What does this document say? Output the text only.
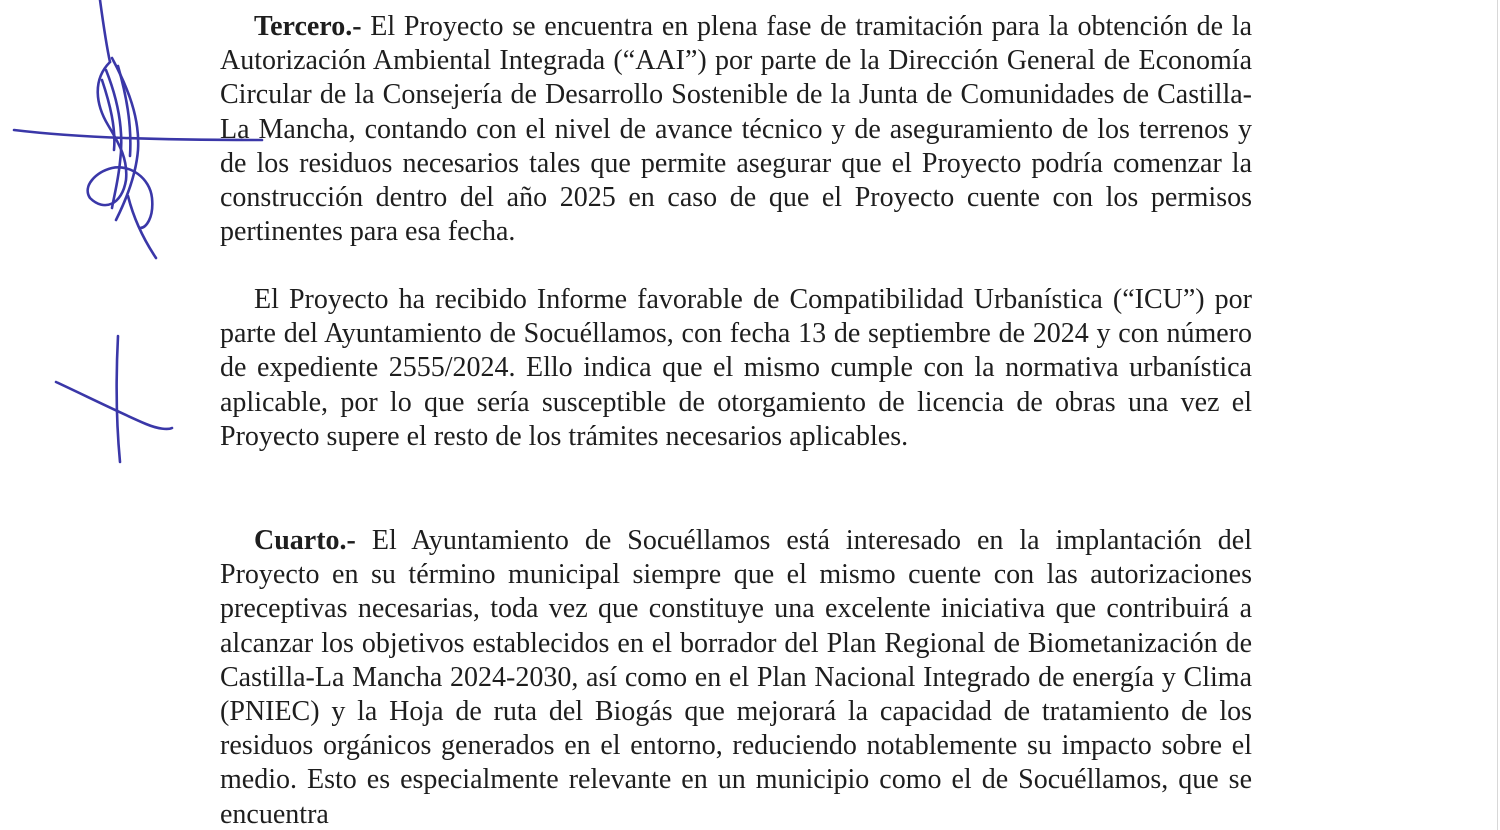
Tercero.- El Proyecto se encuentra en plena fase de tramitación para la obtención de la Autorización Ambiental Integrada (“AAI”) por parte de la Dirección General de Economía Circular de la Consejería de Desarrollo Sostenible de la Junta de Comunidades de Castilla-La Mancha, contando con el nivel de avance técnico y de aseguramiento de los terrenos y de los residuos necesarios tales que permite asegurar que el Proyecto podría comenzar la construcción dentro del año 2025 en caso de que el Proyecto cuente con los permisos pertinentes para esa fecha.

El Proyecto ha recibido Informe favorable de Compatibilidad Urbanística (“ICU”) por parte del Ayuntamiento de Socuéllamos, con fecha 13 de septiembre de 2024 y con número de expediente 2555/2024. Ello indica que el mismo cumple con la normativa urbanística aplicable, por lo que sería susceptible de otorgamiento de licencia de obras una vez el Proyecto supere el resto de los trámites necesarios aplicables.

Cuarto.- El Ayuntamiento de Socuéllamos está interesado en la implantación del Proyecto en su término municipal siempre que el mismo cuente con las autorizaciones preceptivas necesarias, toda vez que constituye una excelente iniciativa que contribuirá a alcanzar los objetivos establecidos en el borrador del Plan Regional de Biometanización de Castilla-La Mancha 2024-2030, así como en el Plan Nacional Integrado de energía y Clima (PNIEC) y la Hoja de ruta del Biogás que mejorará la capacidad de tratamiento de los residuos orgánicos generados en el entorno, reduciendo notablemente su impacto sobre el medio. Esto es especialmente relevante en un municipio como el de Socuéllamos, que se encuentra
